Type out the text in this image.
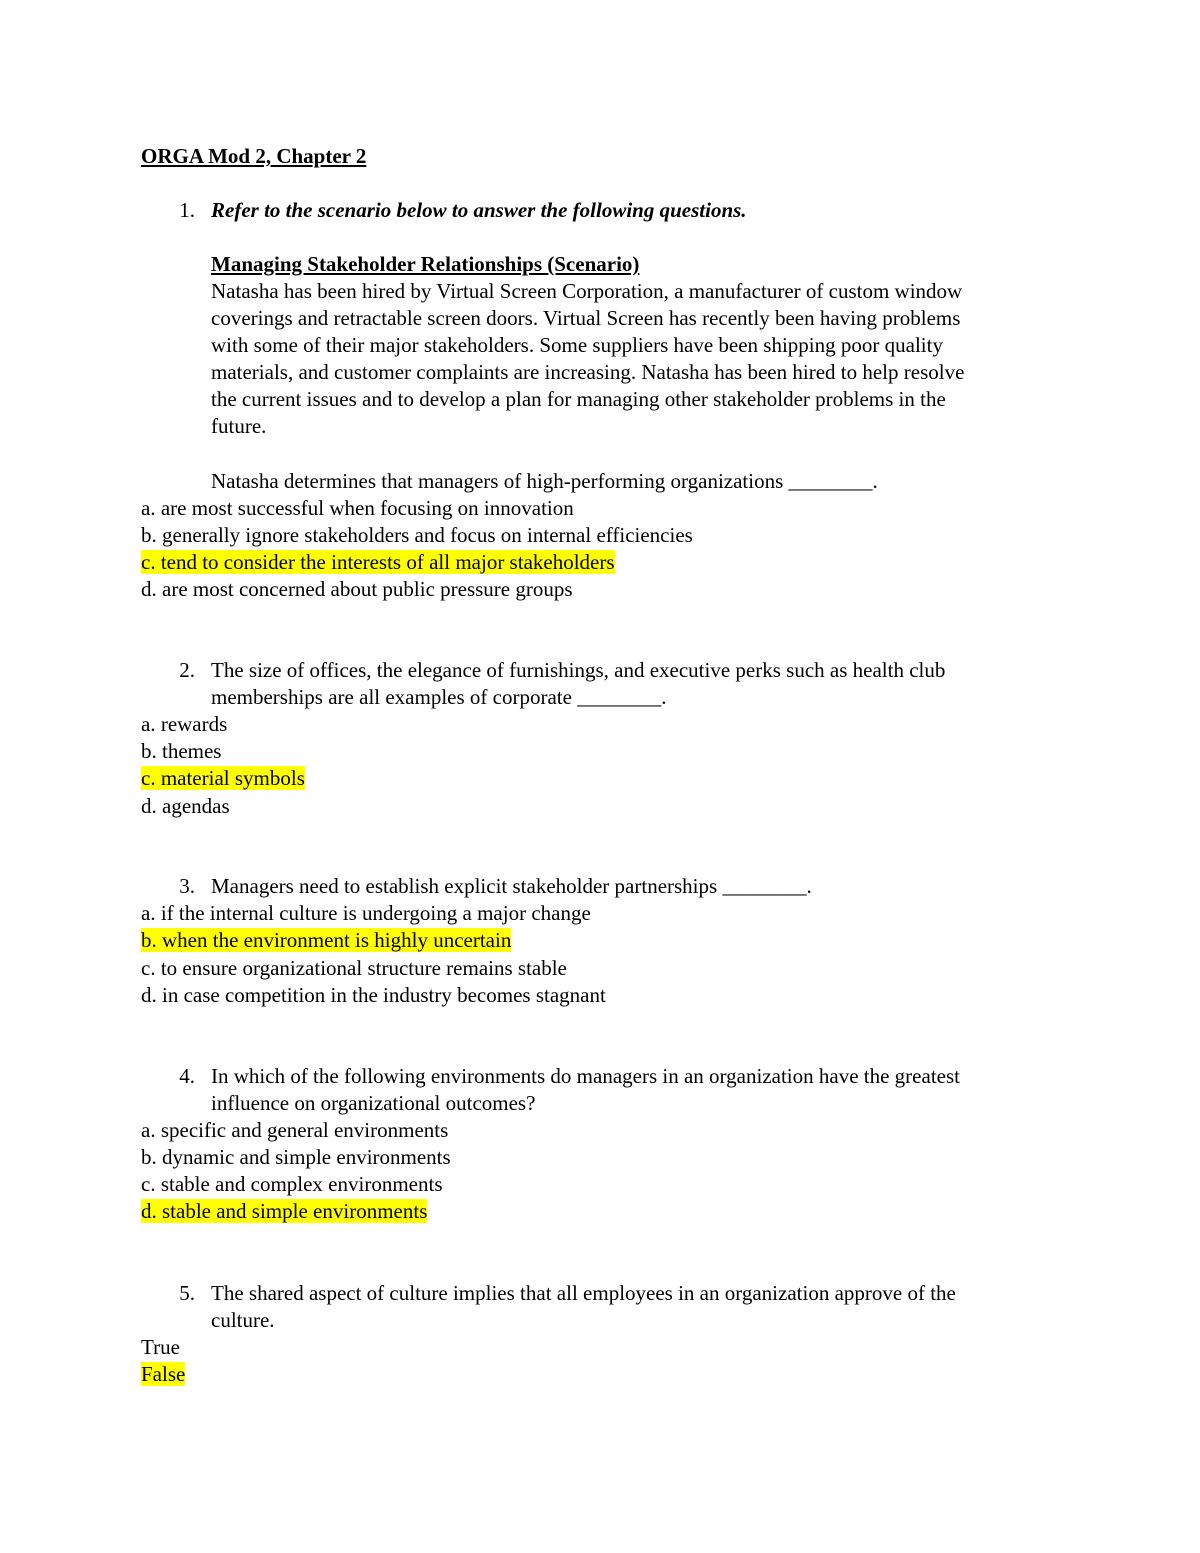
ORGA Mod 2, Chapter 2
1. Refer to the scenario below to answer the following questions.
Managing Stakeholder Relationships (Scenario)
Natasha has been hired by Virtual Screen Corporation, a manufacturer of custom window
coverings and retractable screen doors. Virtual Screen has recently been having problems
with some of their major stakeholders. Some suppliers have been shipping poor quality
materials, and customer complaints are increasing. Natasha has been hired to help resolve
the current issues and to develop a plan for managing other stakeholder problems in the
future.
Natasha determines that managers of high-performing organizations ________.
a. are most successful when focusing on innovation
b. generally ignore stakeholders and focus on internal efficiencies
c. tend to consider the interests of all major stakeholders
d. are most concerned about public pressure groups
2. The size of offices, the elegance of furnishings, and executive perks such as health club
memberships are all examples of corporate ________.
a. rewards
b. themes
c. material symbols
d. agendas
3. Managers need to establish explicit stakeholder partnerships ________.
a. if the internal culture is undergoing a major change
b. when the environment is highly uncertain
c. to ensure organizational structure remains stable
d. in case competition in the industry becomes stagnant
4. In which of the following environments do managers in an organization have the greatest
influence on organizational outcomes?
a. specific and general environments
b. dynamic and simple environments
c. stable and complex environments
d. stable and simple environments
5. The shared aspect of culture implies that all employees in an organization approve of the
culture.
True
False
